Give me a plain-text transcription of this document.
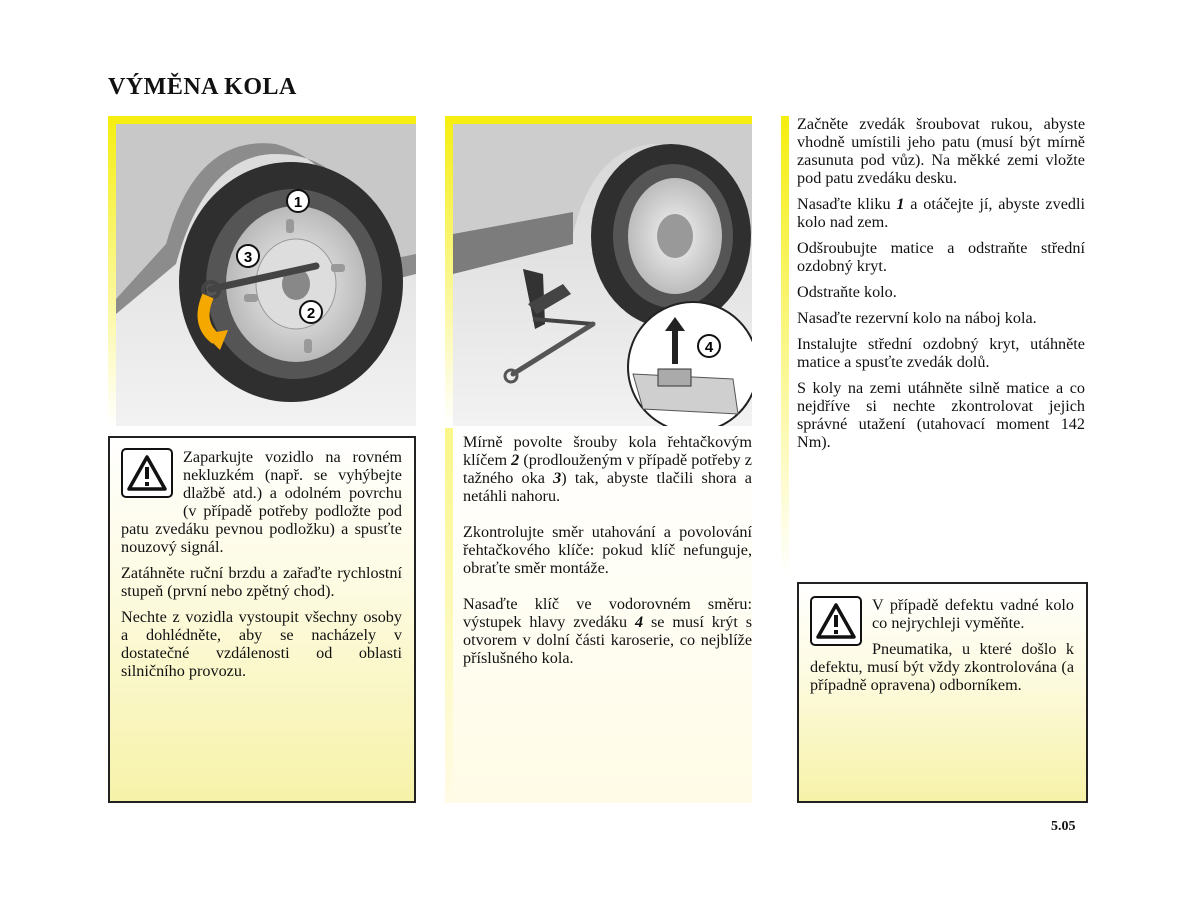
VÝMĚNA KOLA
1
3
2
4

Zaparkujte vozidlo na rovném nekluzkém (např. se vyhýbejte dlažbě atd.) a odolném povrchu (v případě potřeby podložte pod patu zvedáku pevnou podložku) a spusťte nouzový signál.

Zatáhněte ruční brzdu a zařaďte rychlostní stupeň (první nebo zpětný chod).

Nechte z vozidla vystoupit všechny osoby a dohlédněte, aby se nacházely v dostatečné vzdálenosti od oblasti silničního provozu.

Mírně povolte šrouby kola řehtačkovým klíčem 2 (prodlouženým v případě potřeby z tažného oka 3) tak, abyste tlačili shora a netáhli nahoru.

Zkontrolujte směr utahování a povolování řehtačkového klíče: pokud klíč nefunguje, obraťte směr montáže.

Nasaďte klíč ve vodorovném směru: výstupek hlavy zvedáku 4 se musí krýt s otvorem v dolní části karoserie, co nejblíže příslušného kola.

Začněte zvedák šroubovat rukou, abyste vhodně umístili jeho patu (musí být mírně zasunuta pod vůz). Na měkké zemi vložte pod patu zvedáku desku.

Nasaďte kliku 1 a otáčejte jí, abyste zvedli kolo nad zem.

Odšroubujte matice a odstraňte střední ozdobný kryt.

Odstraňte kolo.

Nasaďte rezervní kolo na náboj kola.

Instalujte střední ozdobný kryt, utáhněte matice a spusťte zvedák dolů.

S koly na zemi utáhněte silně matice a co nejdříve si nechte zkontrolovat jejich správné utažení (utahovací moment 142 Nm).

V případě defektu vadné kolo co nejrychleji vyměňte.

Pneumatika, u které došlo k defektu, musí být vždy zkontrolována (a případně opravena) odborníkem.

5.05
